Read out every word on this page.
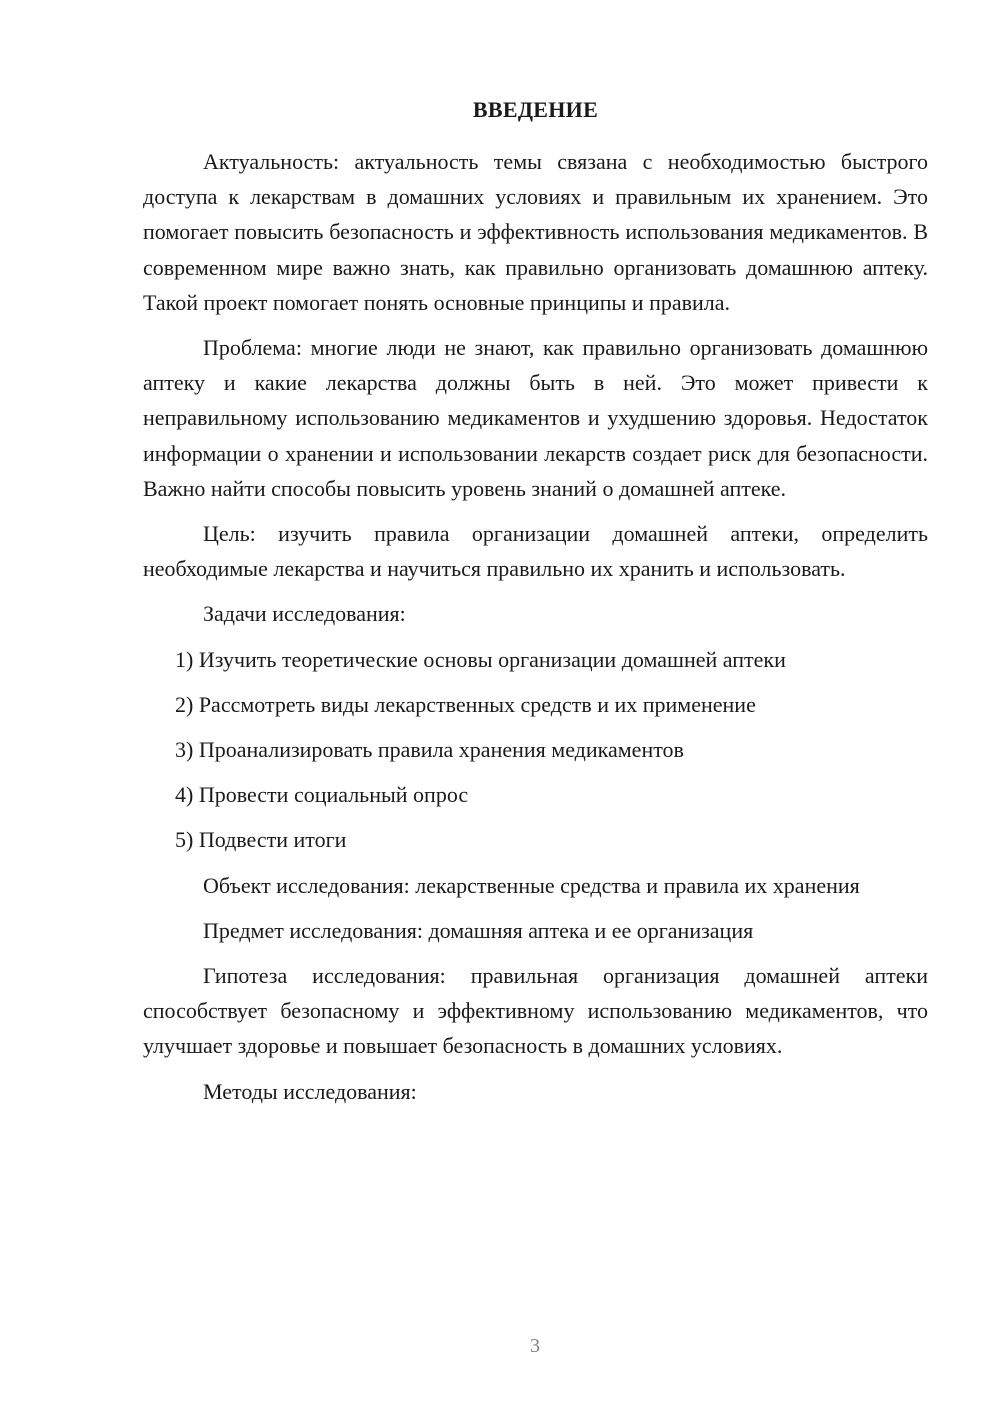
ВВЕДЕНИЕ

Актуальность: актуальность темы связана с необходимостью быстрого доступа к лекарствам в домашних условиях и правильным их хранением. Это помогает повысить безопасность и эффективность использования медикаментов. В современном мире важно знать, как правильно организовать домашнюю аптеку. Такой проект помогает понять основные принципы и правила.

Проблема: многие люди не знают, как правильно организовать домашнюю аптеку и какие лекарства должны быть в ней. Это может привести к неправильному использованию медикаментов и ухудшению здоровья. Недостаток информации о хранении и использовании лекарств создает риск для безопасности. Важно найти способы повысить уровень знаний о домашней аптеке.

Цель: изучить правила организации домашней аптеки, определить необходимые лекарства и научиться правильно их хранить и использовать.

Задачи исследования:
1) Изучить теоретические основы организации домашней аптеки
2) Рассмотреть виды лекарственных средств и их применение
3) Проанализировать правила хранения медикаментов
4) Провести социальный опрос
5) Подвести итоги

Объект исследования: лекарственные средства и правила их хранения

Предмет исследования: домашняя аптека и ее организация

Гипотеза исследования: правильная организация домашней аптеки способствует безопасному и эффективному использованию медикаментов, что улучшает здоровье и повышает безопасность в домашних условиях.

Методы исследования:
3
